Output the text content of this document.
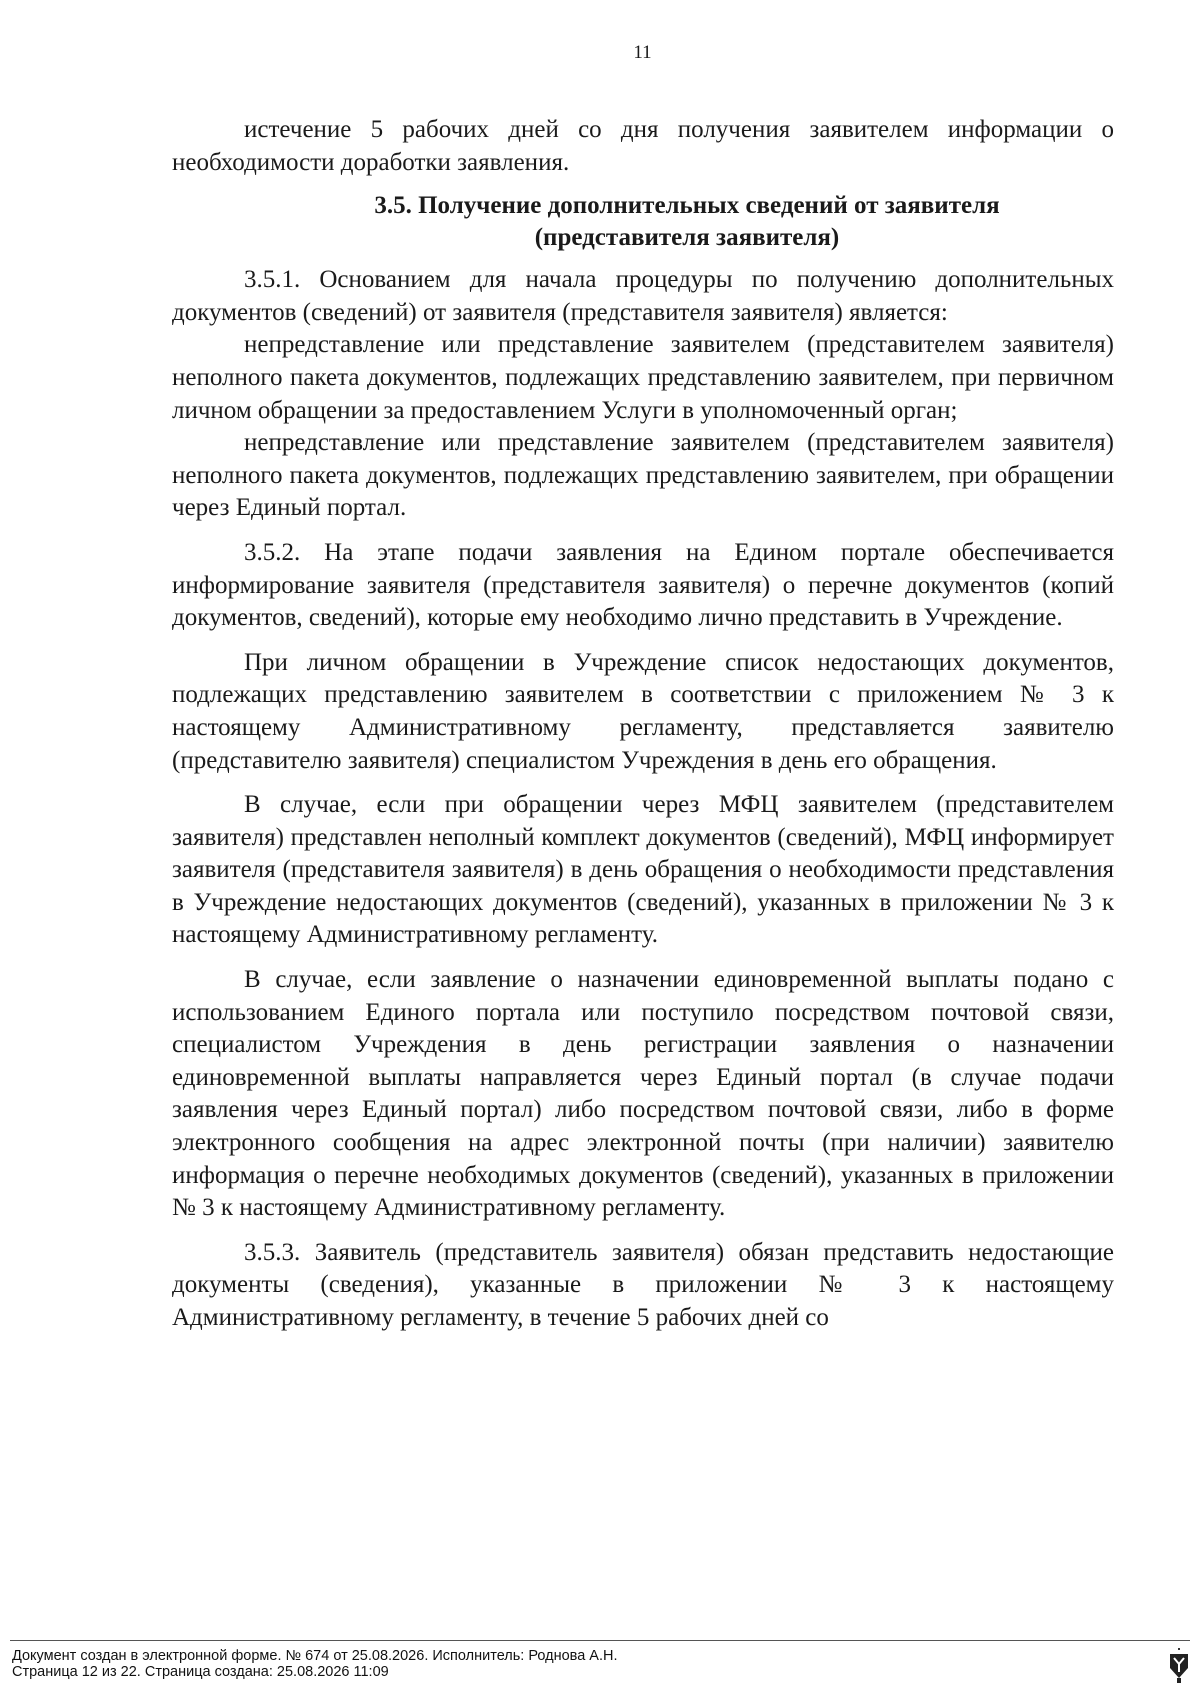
11

истечение 5 рабочих дней со дня получения заявителем информации о необходимости доработки заявления.

3.5. Получение дополнительных сведений от заявителя
(представителя заявителя)

3.5.1. Основанием для начала процедуры по получению дополнительных документов (сведений) от заявителя (представителя заявителя) является:

непредставление или представление заявителем (представителем заявителя) неполного пакета документов, подлежащих представлению заявителем, при первичном личном обращении за предоставлением Услуги в уполномоченный орган;

непредставление или представление заявителем (представителем заявителя) неполного пакета документов, подлежащих представлению заявителем, при обращении через Единый портал.

3.5.2. На этапе подачи заявления на Едином портале обеспечивается информирование заявителя (представителя заявителя) о перечне документов (копий документов, сведений), которые ему необходимо лично представить в Учреждение.

При личном обращении в Учреждение список недостающих документов, подлежащих представлению заявителем в соответствии с приложением № 3 к настоящему Административному регламенту, представляется заявителю (представителю заявителя) специалистом Учреждения в день его обращения.

В случае, если при обращении через МФЦ заявителем (представителем заявителя) представлен неполный комплект документов (сведений), МФЦ информирует заявителя (представителя заявителя) в день обращения о необходимости представления в Учреждение недостающих документов (сведений), указанных в приложении № 3 к настоящему Административному регламенту.

В случае, если заявление о назначении единовременной выплаты подано с использованием Единого портала или поступило посредством почтовой связи, специалистом Учреждения в день регистрации заявления о назначении единовременной выплаты направляется через Единый портал (в случае подачи заявления через Единый портал) либо посредством почтовой связи, либо в форме электронного сообщения на адрес электронной почты (при наличии) заявителю информация о перечне необходимых документов (сведений), указанных в приложении № 3 к настоящему Административному регламенту.

3.5.3. Заявитель (представитель заявителя) обязан представить недостающие документы (сведения), указанные в приложении № 3 к настоящему Административному регламенту, в течение 5 рабочих дней со

Документ создан в электронной форме. № 674 от 25.08.2026. Исполнитель: Роднова А.Н.
Страница 12 из 22. Страница создана: 25.08.2026 11:09
